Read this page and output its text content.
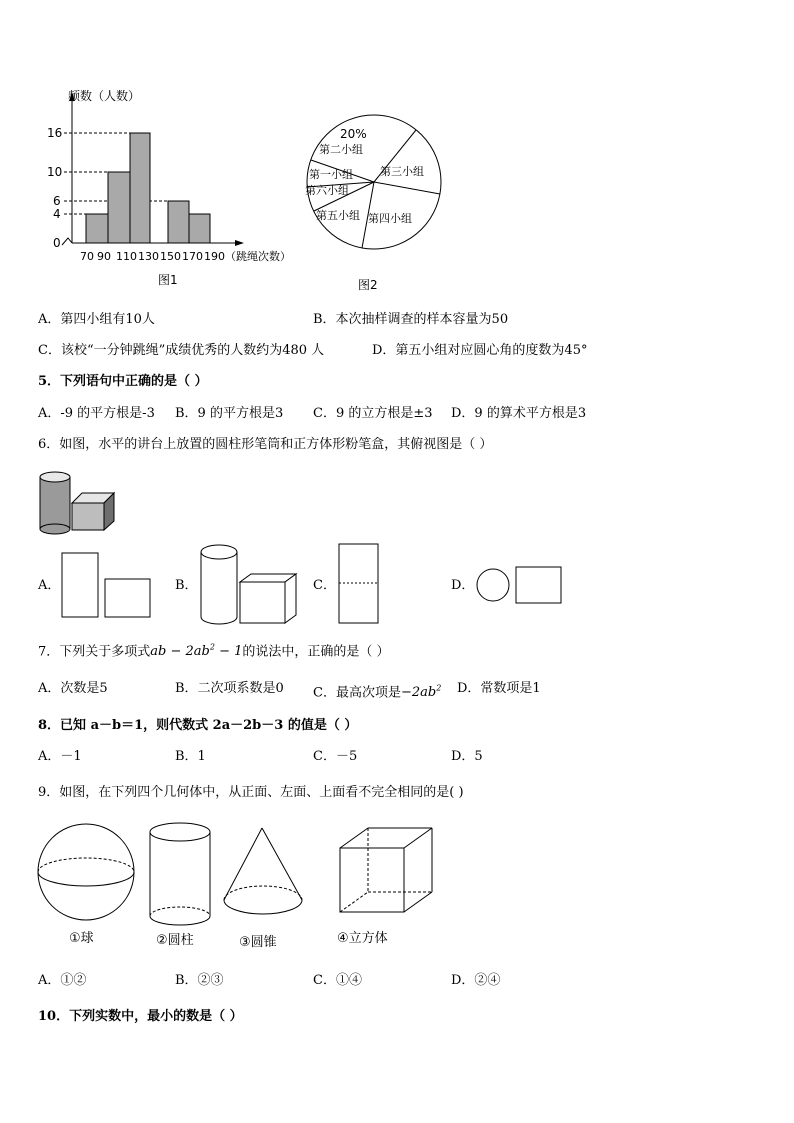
频数（人数）
16
10
6
4
0
70 90 110 130 150 170 190 （跳绳次数）
图1
20%
第二小组
第三小组
第一小组
第六小组
第五小组 第四小组
图2
A．第四小组有10人	B．本次抽样调查的样本容量为50
C．该校“一分钟跳绳”成绩优秀的人数约为480 人	D．第五小组对应圆心角的度数为45°
5．下列语句中正确的是（ ）
A．-9 的平方根是-3 B．9 的平方根是3 C．9 的立方根是±3 D．9 的算术平方根是3
6．如图，水平的讲台上放置的圆柱形笔筒和正方体形粉笔盒，其俯视图是（ ）
A．	B．	C．	D．
7．下列关于多项式ab − $2ab^2 - 1$的说法中，正确的是（ ）
A．次数是5	B．二次项系数是0 C．最高次项是$-2ab^2$ D．常数项是1
8．已知 a－b＝1，则代数式 2a－2b－3 的值是（ ）
A．－1	B．1	C．－5	D．5
9．如图，在下列四个几何体中，从正面、左面、上面看不完全相同的是( )
①球	②圆柱	③圆锥	④立方体
A．①②	B．②③	C．①④	D．②④
10．下列实数中，最小的数是（ ）
